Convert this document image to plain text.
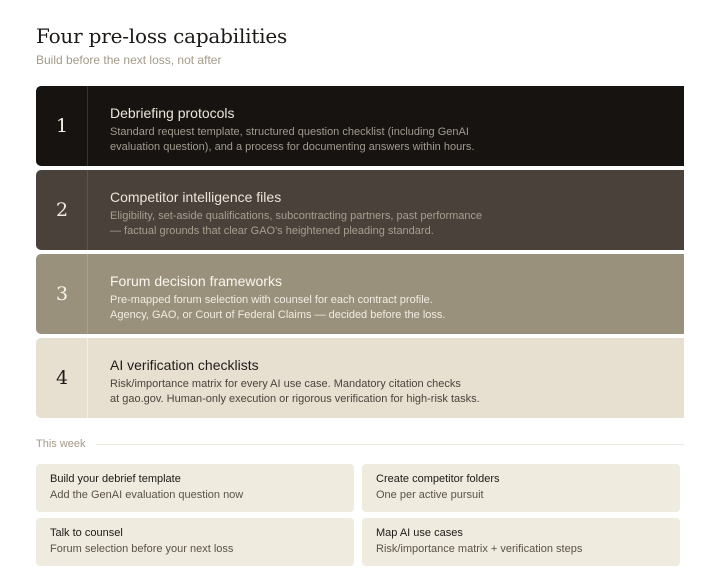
Four pre-loss capabilities
Build before the next loss, not after
1
Debriefing protocols
Standard request template, structured question checklist (including GenAI
evaluation question), and a process for documenting answers within hours.
2
Competitor intelligence files
Eligibility, set-aside qualifications, subcontracting partners, past performance
— factual grounds that clear GAO's heightened pleading standard.
3
Forum decision frameworks
Pre-mapped forum selection with counsel for each contract profile.
Agency, GAO, or Court of Federal Claims — decided before the loss.
4
AI verification checklists
Risk/importance matrix for every AI use case. Mandatory citation checks
at gao.gov. Human-only execution or rigorous verification for high-risk tasks.
This week
Build your debrief template
Add the GenAI evaluation question now
Create competitor folders
One per active pursuit
Talk to counsel
Forum selection before your next loss
Map AI use cases
Risk/importance matrix + verification steps
